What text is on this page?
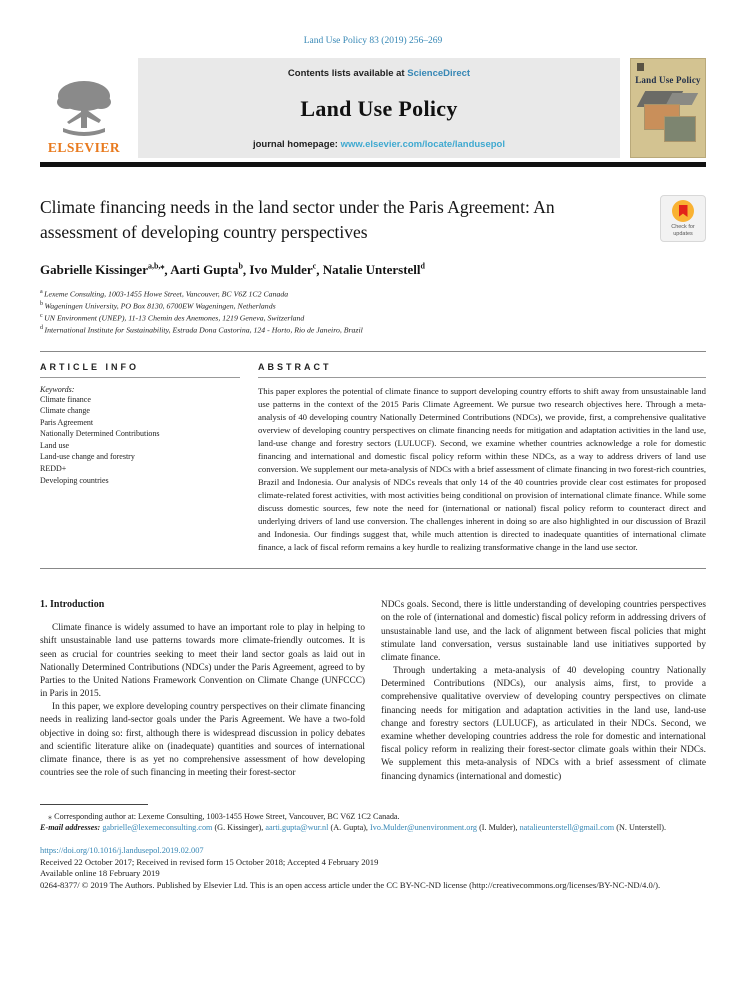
Land Use Policy 83 (2019) 256–269
ELSEVIER
Contents lists available at ScienceDirect
Land Use Policy
journal homepage: www.elsevier.com/locate/landusepol
Land Use Policy
Climate financing needs in the land sector under the Paris Agreement: An assessment of developing country perspectives	Check for updates
Gabrielle Kissinger$^{a,b,⁎}$, Aarti Gupta$^b$, Ivo Mulder$^c$, Natalie Unterstell$^d$
$^a$ Lexeme Consulting, 1003-1455 Howe Street, Vancouver, BC V6Z 1C2 Canada
$^b$ Wageningen University, PO Box 8130, 6700EW Wageningen, Netherlands
$^c$ UN Environment (UNEP), 11-13 Chemin des Anemones, 1219 Geneva, Switzerland
$^d$ International Institute for Sustainability, Estrada Dona Castorina, 124 - Horto, Rio de Janeiro, Brazil
ARTICLE INFO
Keywords:
Climate finance
Climate change
Paris Agreement
Nationally Determined Contributions
Land use
Land-use change and forestry
REDD+
Developing countries
ABSTRACT
This paper explores the potential of climate finance to support developing country efforts to shift away from unsustainable land use patterns in the context of the 2015 Paris Climate Agreement. We pursue two research objectives here. Through a meta-analysis of 40 developing country Nationally Determined Contributions (NDCs), we provide, first, a comprehensive qualitative overview of developing country perspectives on climate financing needs for mitigation and adaptation activities in the land use, land-use change and forestry sectors (LULUCF). Second, we examine whether countries acknowledge a role for domestic financing and international and domestic fiscal policy reform within these NDCs, as a way to address drivers of land use conversion. We supplement our meta-analysis of NDCs with a brief assessment of climate financing in two forest-rich countries, Brazil and Indonesia. Our analysis of NDCs reveals that only 14 of the 40 countries provide clear cost estimates for proposed climate-related forest activities, with most activities being conditional on provision of international climate finance. While some discuss domestic sources, few note the need for (international or national) fiscal policy reform to counteract direct and underlying drivers of land use conversion. The challenges inherent in doing so are also highlighted in our discussion of Brazil and Indonesia. Our findings suggest that, while much attention is directed to inadequate quantities of international climate finance, a lack of fiscal reform remains a key hurdle to realizing transformative change in the land use sector.
1. Introduction

Climate finance is widely assumed to have an important role to play in helping to shift unsustainable land use patterns towards more climate-friendly outcomes. It is seen as crucial for countries seeking to meet their land sector goals as laid out in Nationally Determined Contributions (NDCs) under the Paris Agreement, agreed to by Parties to the United Nations Framework Convention on Climate Change (UNFCCC) in Paris in 2015.

In this paper, we explore developing country perspectives on their climate financing needs in realizing land-sector goals under the Paris Agreement. We have a two-fold objective in doing so: first, although there is widespread discussion in policy debates and scientific literature alike on (inadequate) quantities and sources of international climate finance, there is as yet no comprehensive assessment of how developing countries see the role of such financing in meeting their forest-sector

NDCs goals. Second, there is little understanding of developing countries perspectives on the role of (international and domestic) fiscal policy reform in addressing drivers of unsustainable land use, and the lack of alignment between fiscal policies that might stimulate land conversation, versus sustainable land use initiatives supported by climate finance.

Through undertaking a meta-analysis of 40 developing country Nationally Determined Contributions (NDCs), our analysis aims, first, to provide a comprehensive qualitative overview of developing country perspectives on climate financing needs for mitigation and adaptation activities in the land use, land-use change and forestry sectors (LULUCF), as articulated in their NDCs. Second, we examine whether developing countries address the role for domestic and international fiscal policy reform in realizing their forest-sector climate goals within their NDCs. We supplement this meta-analysis of NDCs with a brief assessment of climate financing dynamics (international and domestic)

⁎ Corresponding author at: Lexeme Consulting, 1003-1455 Howe Street, Vancouver, BC V6Z 1C2 Canada.
E-mail addresses: gabrielle@lexemeconsulting.com (G. Kissinger), aarti.gupta@wur.nl (A. Gupta), Ivo.Mulder@unenvironment.org (I. Mulder), natalieunterstell@gmail.com (N. Unterstell).
https://doi.org/10.1016/j.landusepol.2019.02.007
Received 22 October 2017; Received in revised form 15 October 2018; Accepted 4 February 2019
Available online 18 February 2019
0264-8377/ © 2019 The Authors. Published by Elsevier Ltd. This is an open access article under the CC BY-NC-ND license (http://creativecommons.org/licenses/BY-NC-ND/4.0/).
